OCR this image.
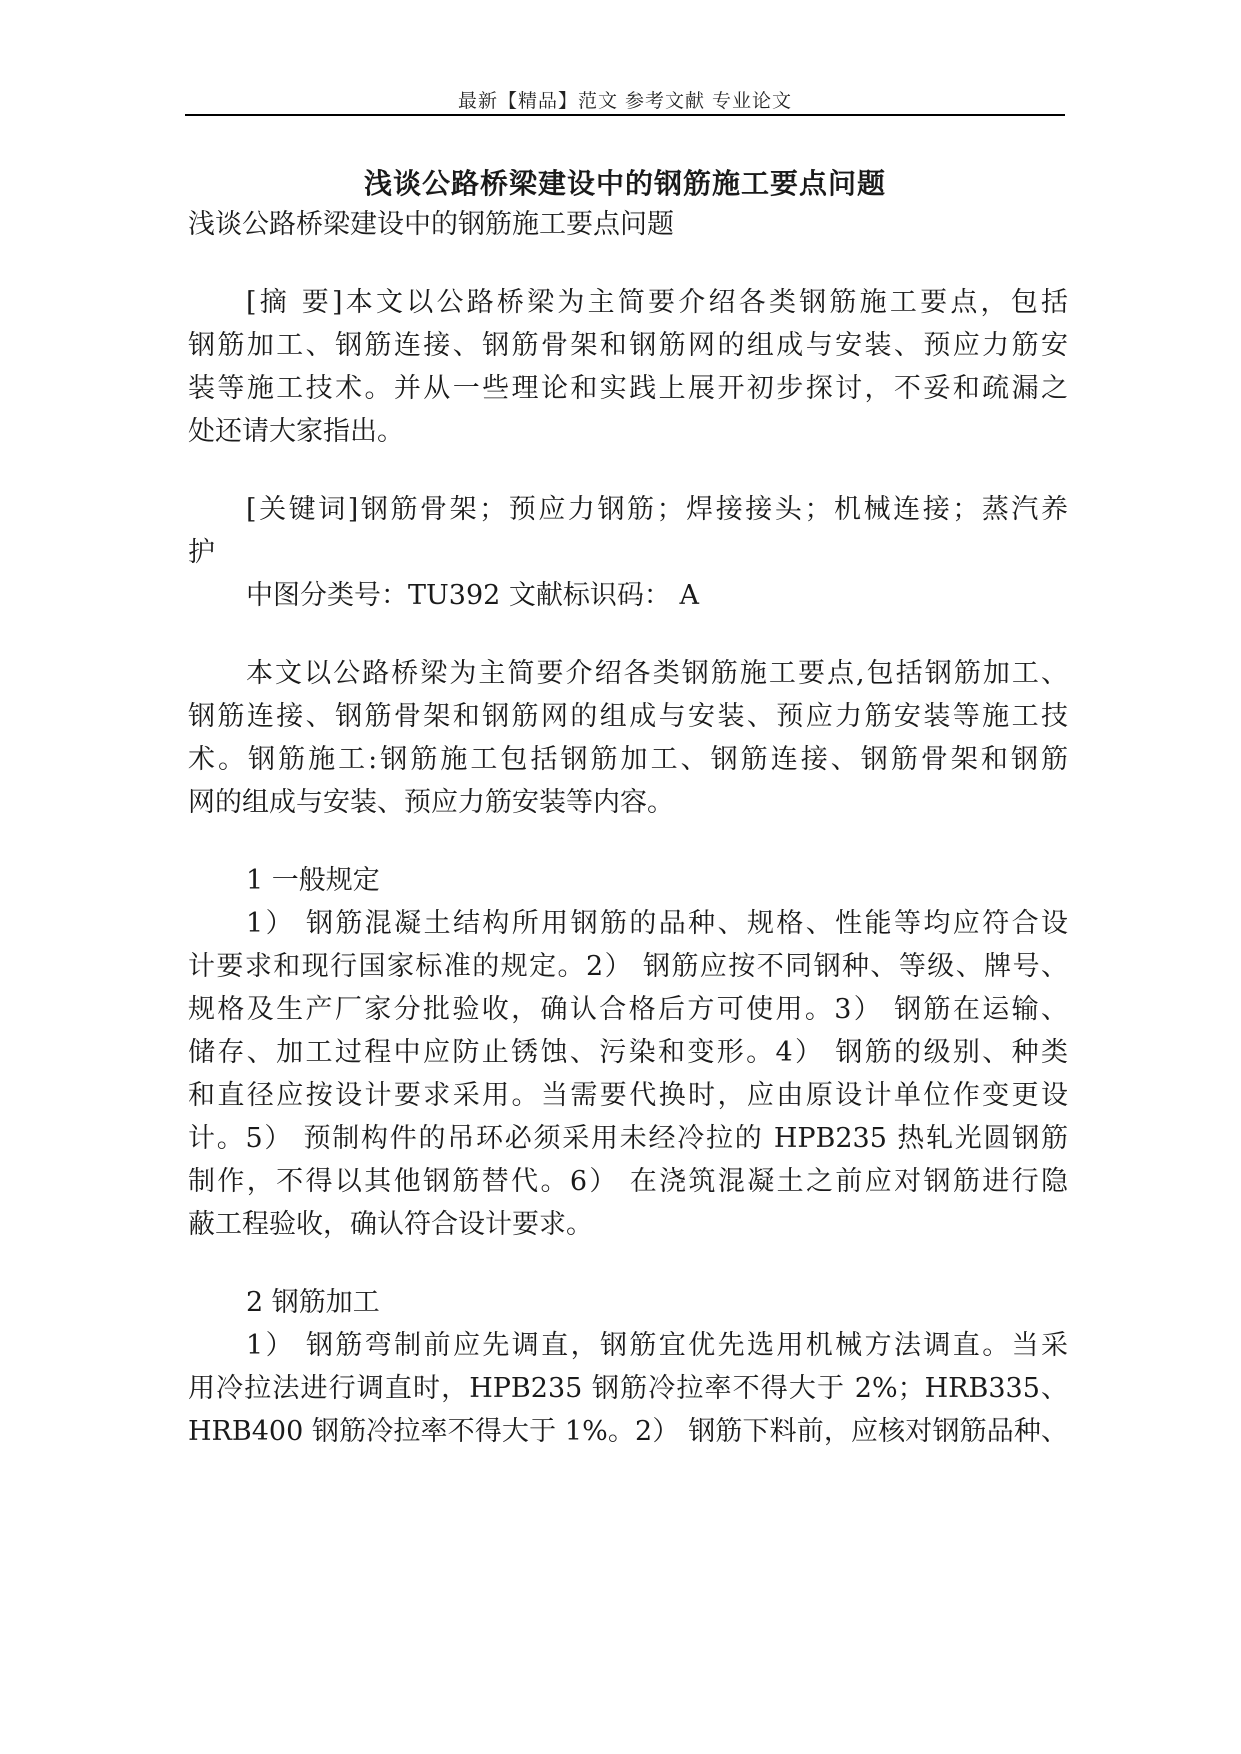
最新【精品】范文 参考文献 专业论文
浅谈公路桥梁建设中的钢筋施工要点问题
浅谈公路桥梁建设中的钢筋施工要点问题
[摘 要]本文以公路桥梁为主简要介绍各类钢筋施工要点，包括
钢筋加工、钢筋连接、钢筋骨架和钢筋网的组成与安装、预应力筋安
装等施工技术。并从一些理论和实践上展开初步探讨，不妥和疏漏之
处还请大家指出。
[关键词]钢筋骨架；预应力钢筋；焊接接头；机械连接；蒸汽养
护
中图分类号：TU392 文献标识码： A
本文以公路桥梁为主简要介绍各类钢筋施工要点,包括钢筋加工、
钢筋连接、钢筋骨架和钢筋网的组成与安装、预应力筋安装等施工技
术。钢筋施工:钢筋施工包括钢筋加工、钢筋连接、钢筋骨架和钢筋
网的组成与安装、预应力筋安装等内容。
1 一般规定
1） 钢筋混凝土结构所用钢筋的品种、规格、性能等均应符合设
计要求和现行国家标准的规定。2） 钢筋应按不同钢种、等级、牌号、
规格及生产厂家分批验收，确认合格后方可使用。3） 钢筋在运输、
储存、加工过程中应防止锈蚀、污染和变形。4） 钢筋的级别、种类
和直径应按设计要求采用。当需要代换时，应由原设计单位作变更设
计。5） 预制构件的吊环必须采用未经冷拉的 HPB235 热轧光圆钢筋
制作，不得以其他钢筋替代。6） 在浇筑混凝土之前应对钢筋进行隐
蔽工程验收，确认符合设计要求。
2 钢筋加工
1） 钢筋弯制前应先调直，钢筋宜优先选用机械方法调直。当采
用冷拉法进行调直时，HPB235 钢筋冷拉率不得大于 2%；HRB335、
HRB400 钢筋冷拉率不得大于 1%。2） 钢筋下料前，应核对钢筋品种、
